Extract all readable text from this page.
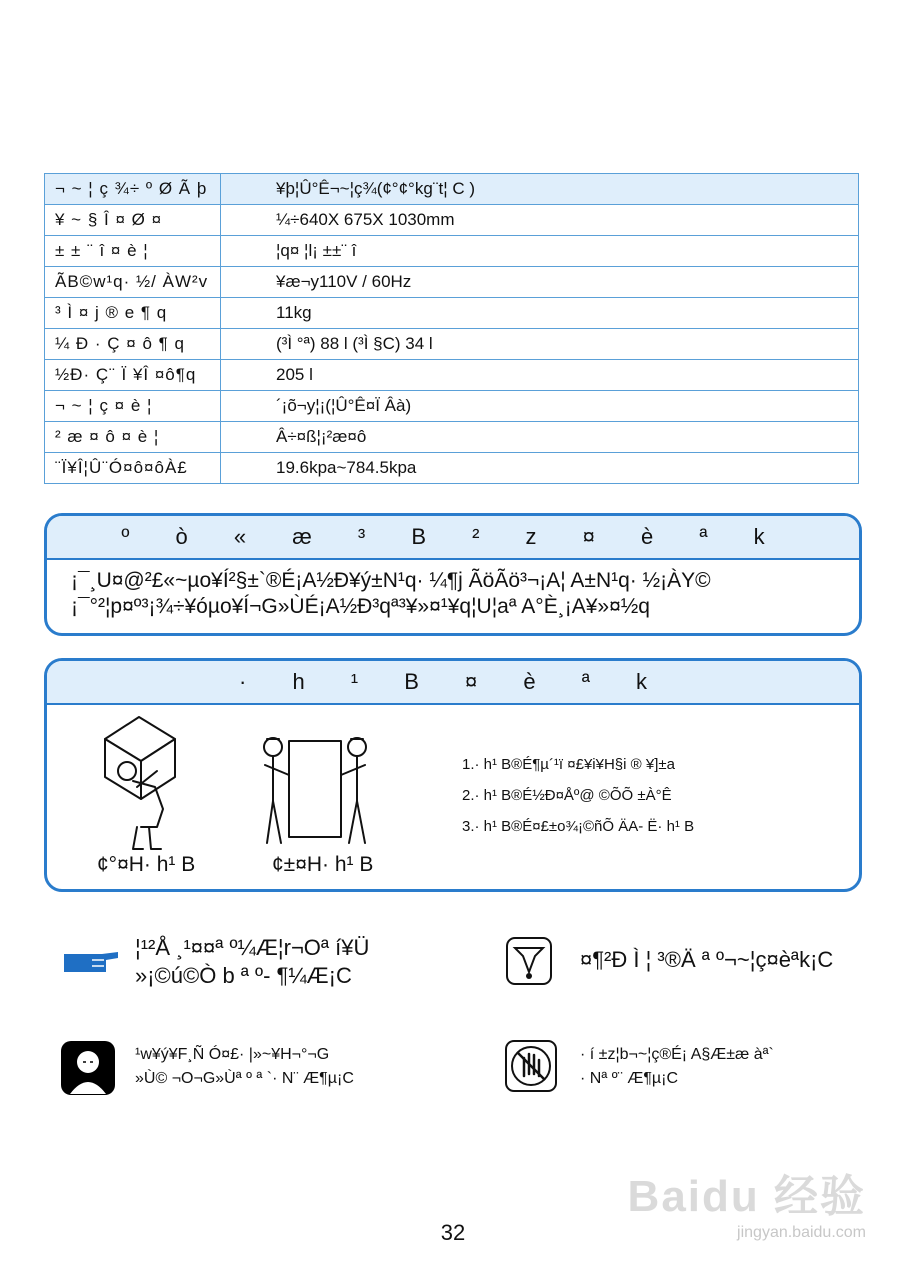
¬ ~ ¦ ç ¾÷ º Ø Ã þ	¥þ¦Û°Ê¬~¦ç¾(¢°¢°kg¨t¦ C )
¥ ~ § Î ¤ Ø ¤	¼÷640X 675X 1030mm
± ± ¨ î ¤ è ¦	¦q¤ ¦l¡ ±±¨ î
ÃB©w¹q· ½/ ÀW²v	¥æ¬y110V / 60Hz
³ Ì ¤ j ® e ¶ q	11kg
¼ Ð · Ç ¤ ô ¶ q	(³Ì °ª) 88 l (³Ì §C) 34 l
½Ð· Ç¨ Ï ¥Î ¤ô¶q	205 l
¬ ~ ¦ ç ¤ è ¦	´¡õ¬y¦¡(¦Û°Ê¤Ï Âà)
² æ ¤ ô ¤ è ¦	Â÷¤ß¦¡²æ¤ô
¨Ï¥Î¦Û¨Ó¤ô¤ôÀ£	19.6kpa~784.5kpa
º ò « æ ³ B ² z ¤ è ª k
¡¯¸U¤@²£«~µo¥Í²§±`®É¡A½Ð¥ý±N¹q· ¼¶j ÃöÃö³¬¡A¦ A±N¹q· ½¡ÀY©
¡¯°²¦p¤º³¡¾÷¥óµo¥Í¬G»ÙÉ¡A½Ð³qª³¥»¤¹¥q¦U¦aª A°È¸¡A¥»¤½q
· h ¹ B ¤ è ª k
¢°¤H· h¹ B	¢±¤H· h¹ B
1.· h¹ B®É¶µ´¹ï ¤£¥i¥H§i ® ¥]±a
2.· h¹ B®É½Ð¤Åº@ ©ÕÕ ±À°Ê
3.· h¹ B®É¤£±o¾¡©ñÕ ÄA- Ë· h¹ B
¦¹²Å ¸¹¤¤ª º¼Æ¦r¬Oª í¥Ü
»¡©ú©Ò b ª º- ¶¼Æ¡C
¤¶²Ð Ì ¦ ³®Ä ª º¬~¦ç¤èªk¡C
¹w¥ý¥F¸Ñ Ó¤£· |»~¥H¬°¬G
»Ù© ¬O¬G»Ùª º ª `· N¨ Æ¶µ¡C
· í ±z¦b¬~¦ç®É¡ A§Æ±æ àª`
· Nª º¨ Æ¶µ¡C
Baidu 经验
jingyan.baidu.com
32
